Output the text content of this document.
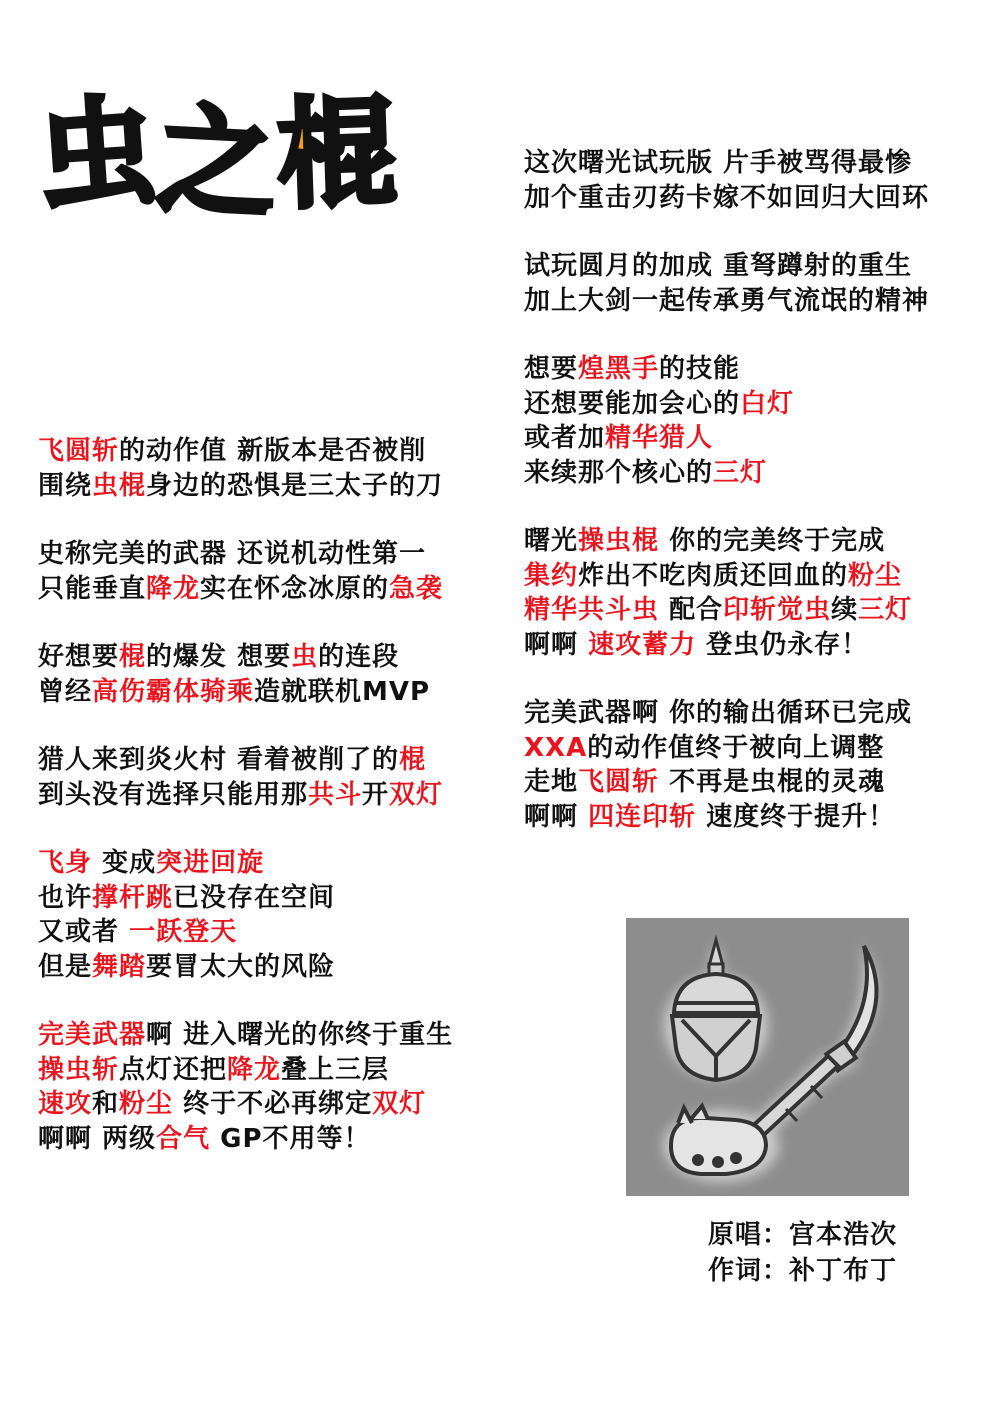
虫 之 棍
飞圆斩的动作值 新版本是否被削
围绕虫棍身边的恐惧是三太子的刀
史称完美的武器 还说机动性第一
只能垂直降龙实在怀念冰原的急袭
好想要棍的爆发 想要虫的连段
曾经高伤霸体骑乘造就联机MVP
猎人来到炎火村 看着被削了的棍
到头没有选择只能用那共斗开双灯
飞身 变成突进回旋
也许撑杆跳已没存在空间
又或者 一跃登天
但是舞踏要冒太大的风险
完美武器啊 进入曙光的你终于重生
操虫斩点灯还把降龙叠上三层
速攻和粉尘 终于不必再绑定双灯
啊啊 两级合气 GP不用等！
这次曙光试玩版 片手被骂得最惨
加个重击刃药卡嫁不如回归大回环
试玩圆月的加成 重弩蹲射的重生
加上大剑一起传承勇气流氓的精神
想要煌黑手的技能
还想要能加会心的白灯
或者加精华猎人
来续那个核心的三灯
曙光操虫棍 你的完美终于完成
集约炸出不吃肉质还回血的粉尘
精华共斗虫 配合印斩觉虫续三灯
啊啊 速攻蓄力 登虫仍永存！
完美武器啊 你的输出循环已完成
XXA的动作值终于被向上调整
走地飞圆斩 不再是虫棍的灵魂
啊啊 四连印斩 速度终于提升！
原唱：宫本浩次
作词：补丁布丁
